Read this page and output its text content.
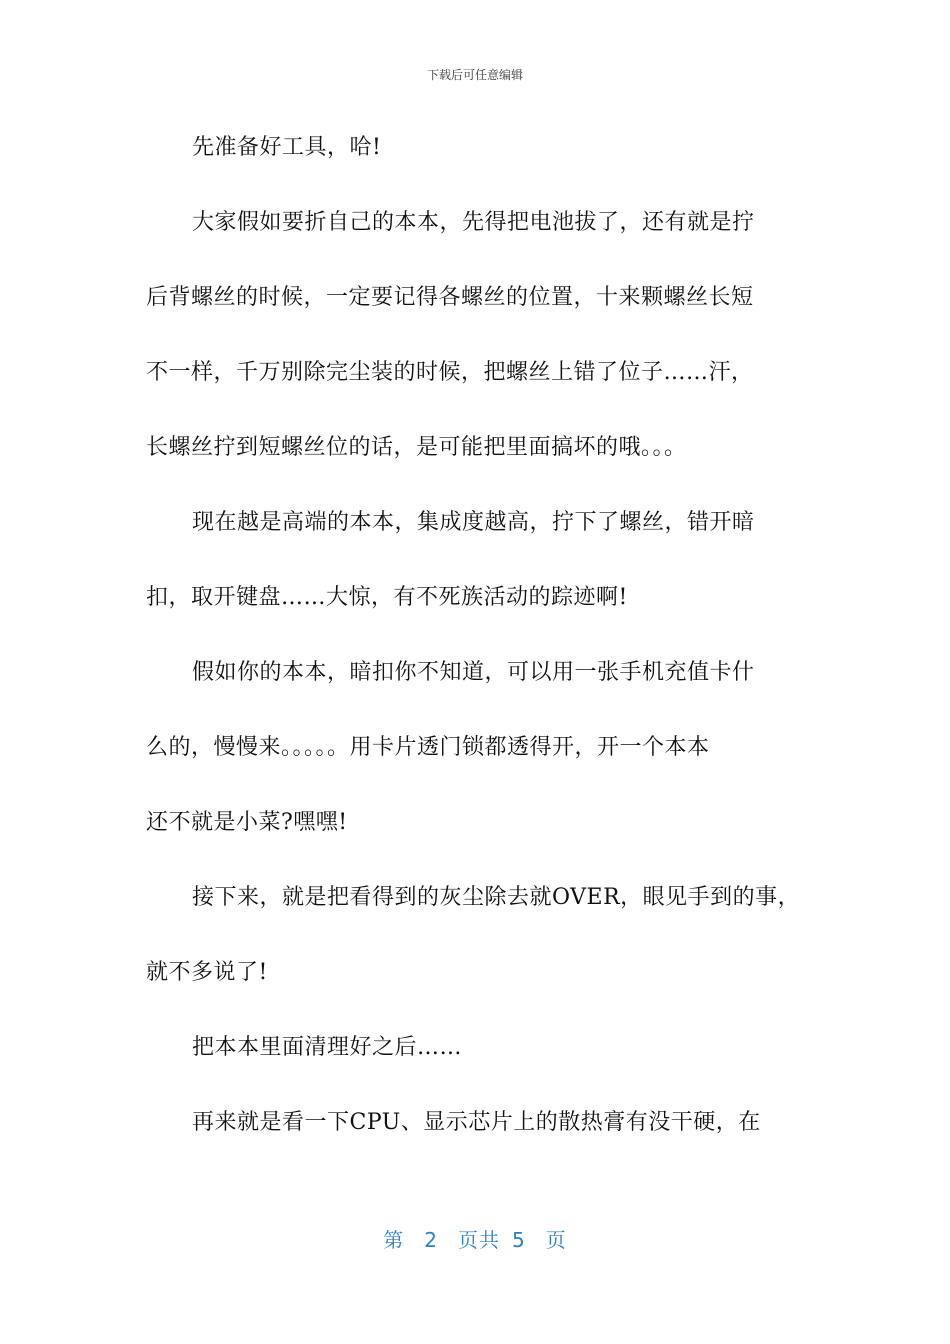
下载后可任意编辑
先准备好工具，哈!
大家假如要折自己的本本，先得把电池拔了，还有就是拧
后背螺丝的时候，一定要记得各螺丝的位置，十来颗螺丝长短
不一样，千万别除完尘装的时候，把螺丝上错了位子……汗，
长螺丝拧到短螺丝位的话，是可能把里面搞坏的哦。。。
现在越是高端的本本，集成度越高，拧下了螺丝，错开暗
扣，取开键盘……大惊，有不死族活动的踪迹啊!
假如你的本本，暗扣你不知道，可以用一张手机充值卡什
么的，慢慢来。。。。。用卡片透门锁都透得开，开一个本本
还不就是小菜?嘿嘿!
接下来，就是把看得到的灰尘除去就OVER，眼见手到的事，
就不多说了!
把本本里面清理好之后……
再来就是看一下CPU、显示芯片上的散热膏有没干硬，在
第 2 页共 5 页
